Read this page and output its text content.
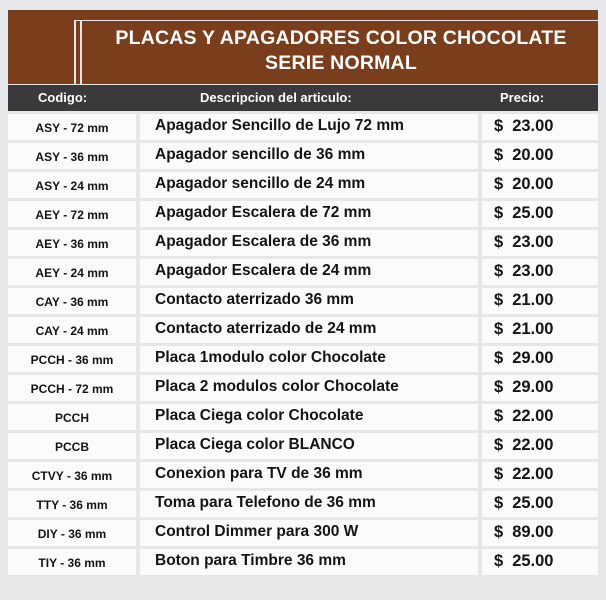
PLACAS Y APAGADORES COLOR CHOCOLATE
SERIE NORMAL
Codigo:	Descripcion del articulo:	Precio:
ASY - 72 mm	Apagador Sencillo de Lujo 72 mm	$ 23.00
ASY - 36 mm	Apagador sencillo de 36 mm	$ 20.00
ASY - 24 mm	Apagador sencillo de 24 mm	$ 20.00
AEY - 72 mm	Apagador Escalera de 72 mm	$ 25.00
AEY - 36 mm	Apagador Escalera de 36 mm	$ 23.00
AEY - 24 mm	Apagador Escalera de 24 mm	$ 23.00
CAY - 36 mm	Contacto aterrizado 36 mm	$ 21.00
CAY - 24 mm	Contacto aterrizado de 24 mm	$ 21.00
PCCH - 36 mm	Placa 1modulo color Chocolate	$ 29.00
PCCH - 72 mm	Placa 2 modulos color Chocolate	$ 29.00
PCCH	Placa Ciega color Chocolate	$ 22.00
PCCB	Placa Ciega color BLANCO	$ 22.00
CTVY - 36 mm	Conexion para TV de 36 mm	$ 22.00
TTY - 36 mm	Toma para Telefono de 36 mm	$ 25.00
DIY - 36 mm	Control Dimmer para 300 W	$ 89.00
TIY - 36 mm	Boton para Timbre 36 mm	$ 25.00
